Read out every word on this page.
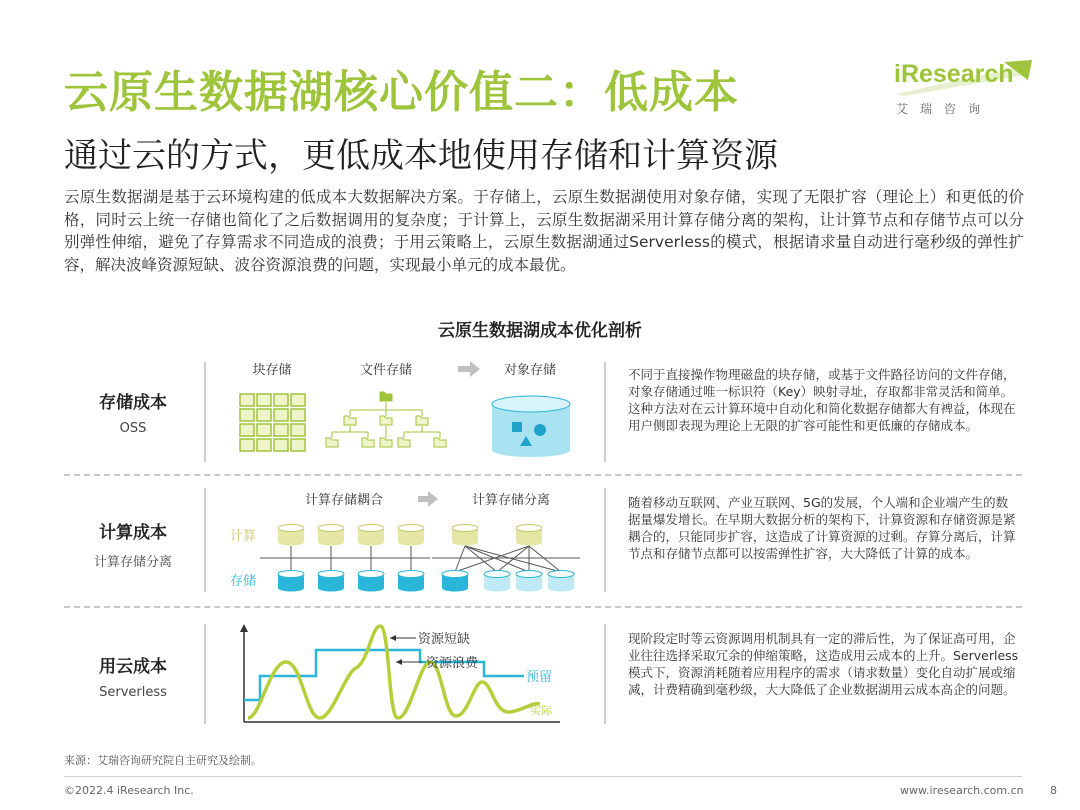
云原生数据湖核心价值二：低成本
通过云的方式，更低成本地使用存储和计算资源
iResearch
艾瑞咨询
云原生数据湖是基于云环境构建的低成本大数据解决方案。于存储上，云原生数据湖使用对象存储，实现了无限扩容（理论上）和更低的价格，同时云上统一存储也简化了之后数据调用的复杂度；于计算上，云原生数据湖采用计算存储分离的架构，让计算节点和存储节点可以分别弹性伸缩，避免了存算需求不同造成的浪费；于用云策略上，云原生数据湖通过Serverless的模式，根据请求量自动进行毫秒级的弹性扩容，解决波峰资源短缺、波谷资源浪费的问题，实现最小单元的成本最优。
云原生数据湖成本优化剖析
存储成本
OSS
块存储	文件存储	对象存储	不同于直接操作物理磁盘的块存储，或基于文件路径访问的文件存储，对象存储通过唯一标识符（Key）映射寻址，存取都非常灵活和简单。这种方法对在云计算环境中自动化和简化数据存储都大有裨益，体现在用户侧即表现为理论上无限的扩容可能性和更低廉的存储成本。
计算成本
计算存储分离
计算存储耦合	计算存储分离
计算
存储
随着移动互联网、产业互联网、5G的发展，个人端和企业端产生的数据量爆发增长。在早期大数据分析的架构下，计算资源和存储资源是紧耦合的，只能同步扩容，这造成了计算资源的过剩。存算分离后，计算节点和存储节点都可以按需弹性扩容，大大降低了计算的成本。
用云成本
Serverless
资源短缺
资源浪费
预留
实际
现阶段定时等云资源调用机制具有一定的滞后性，为了保证高可用，企业往往选择采取冗余的伸缩策略，这造成用云成本的上升。Serverless模式下，资源消耗随着应用程序的需求（请求数量）变化自动扩展或缩减，计费精确到毫秒级，大大降低了企业数据湖用云成本高企的问题。
来源：艾瑞咨询研究院自主研究及绘制。
©2022.4 iResearch Inc.	www.iresearch.com.cn 8
